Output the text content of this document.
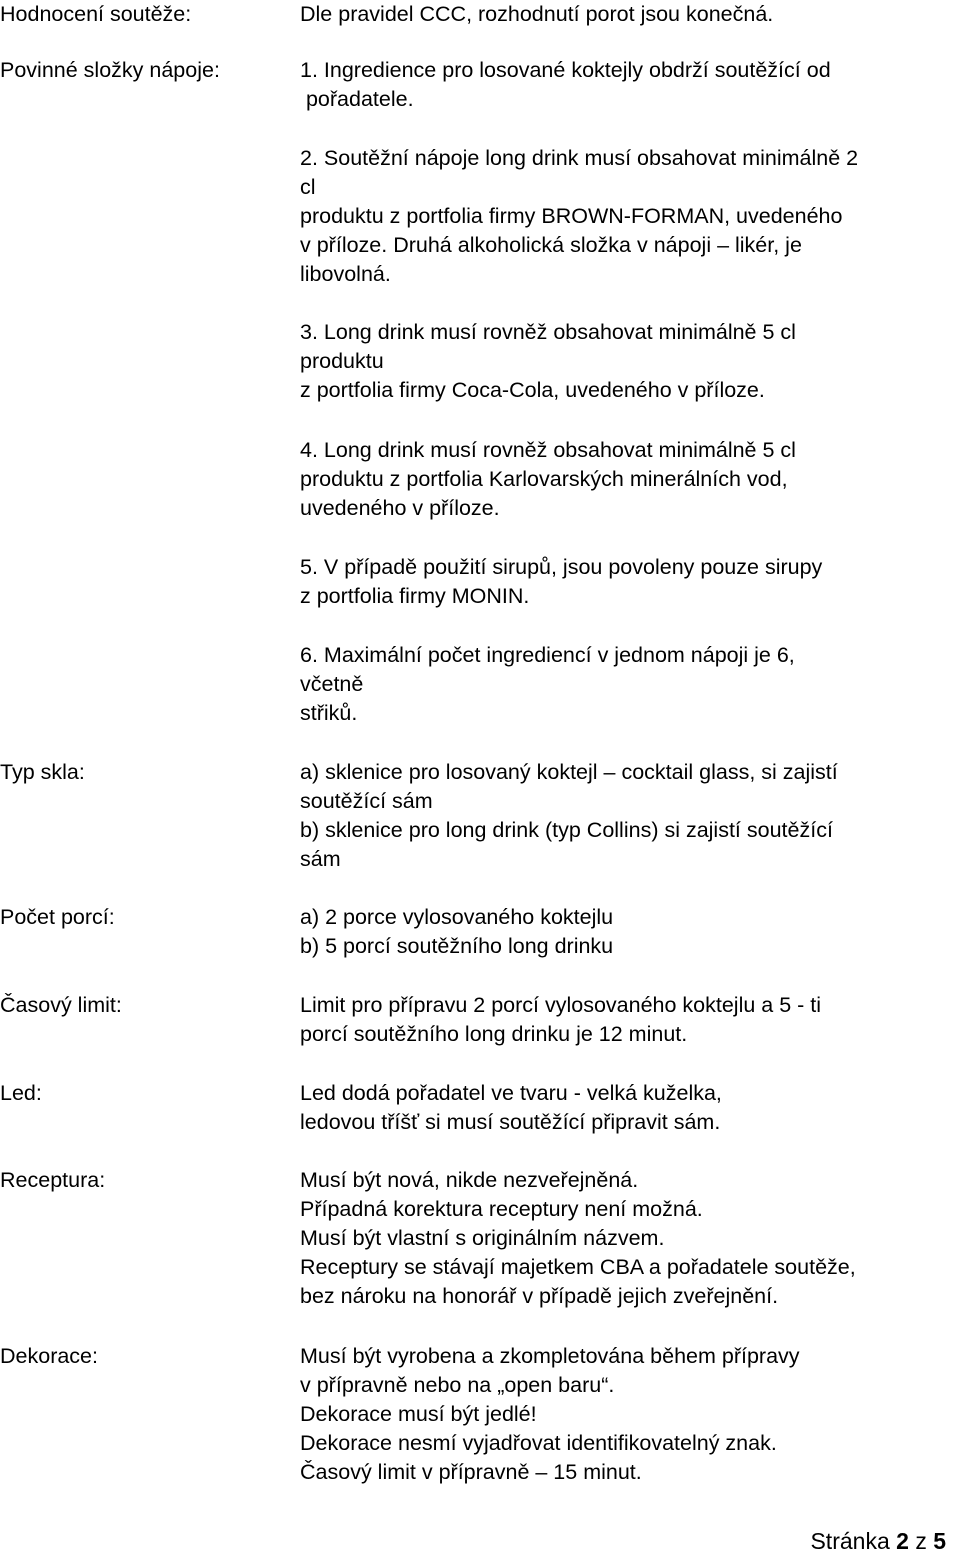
Hodnocení soutěže:	Dle pravidel CCC, rozhodnutí porot jsou konečná.
Povinné složky nápoje:	1. Ingredience pro losované koktejly obdrží soutěžící od
pořadatele.
2. Soutěžní nápoje long drink musí obsahovat minimálně 2
cl
produktu z portfolia firmy BROWN-FORMAN, uvedeného
v příloze. Druhá alkoholická složka v nápoji – likér, je
libovolná.
3. Long drink musí rovněž obsahovat minimálně 5 cl
produktu
z portfolia firmy Coca-Cola, uvedeného v příloze.
4. Long drink musí rovněž obsahovat minimálně 5 cl
produktu z portfolia Karlovarských minerálních vod,
uvedeného v příloze.
5. V případě použití sirupů, jsou povoleny pouze sirupy
z portfolia firmy MONIN.
6. Maximální počet ingrediencí v jednom nápoji je 6,
včetně
střiků.
Typ skla:	a) sklenice pro losovaný koktejl – cocktail glass, si zajistí
soutěžící sám
b) sklenice pro long drink (typ Collins) si zajistí soutěžící
sám
Počet porcí:	a) 2 porce vylosovaného koktejlu
b) 5 porcí soutěžního long drinku
Časový limit:	Limit pro přípravu 2 porcí vylosovaného koktejlu a 5 - ti
porcí soutěžního long drinku je 12 minut.
Led:	Led dodá pořadatel ve tvaru - velká kuželka,
ledovou tříšť si musí soutěžící připravit sám.
Receptura:	Musí být nová, nikde nezveřejněná.
Případná korektura receptury není možná.
Musí být vlastní s originálním názvem.
Receptury se stávají majetkem CBA a pořadatele soutěže,
bez nároku na honorář v případě jejich zveřejnění.
Dekorace:	Musí být vyrobena a zkompletována během přípravy
v přípravně nebo na „open baru“.
Dekorace musí být jedlé!
Dekorace nesmí vyjadřovat identifikovatelný znak.
Časový limit v přípravně – 15 minut.
Stránka 2 z 5
